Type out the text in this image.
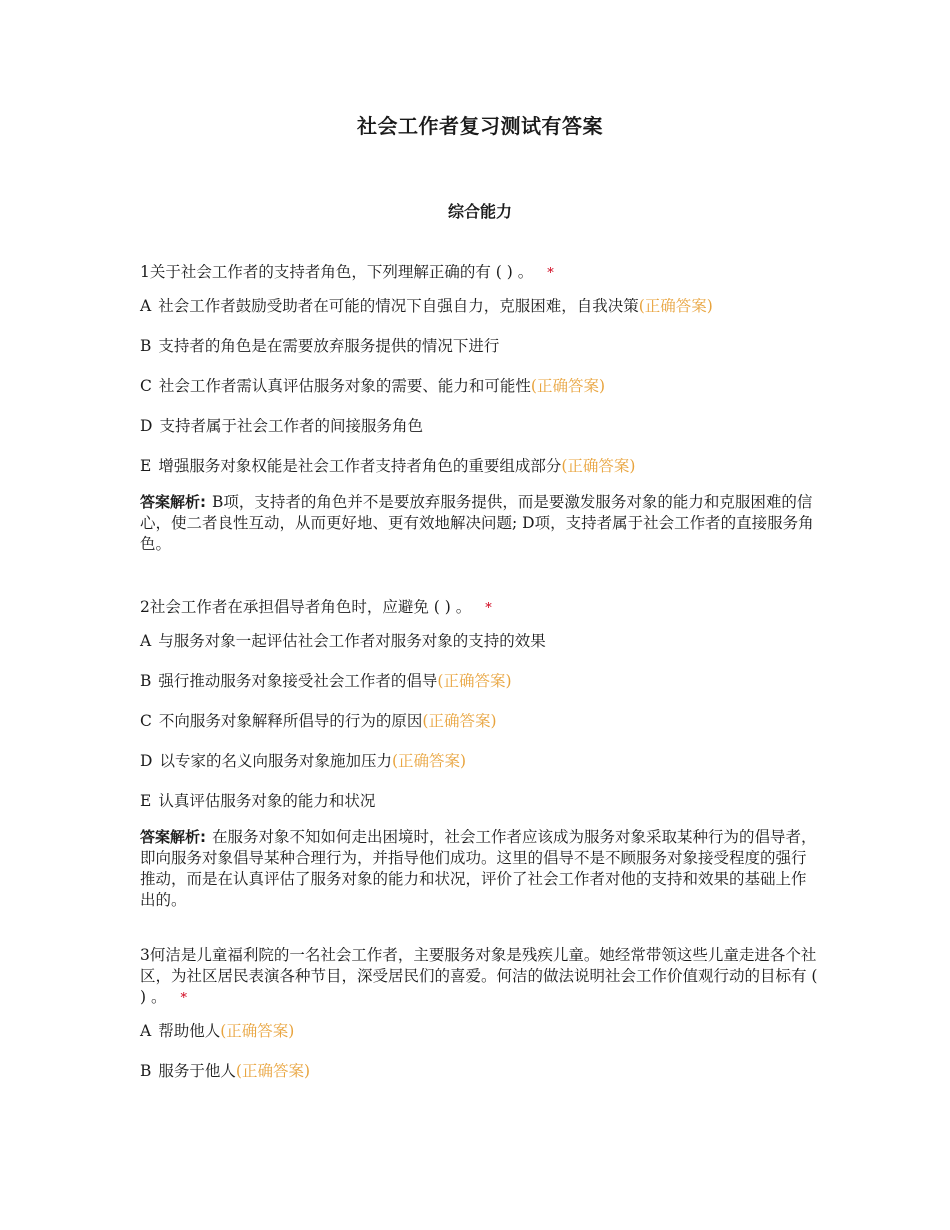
社会工作者复习测试有答案
综合能力

1关于社会工作者的支持者角色，下列理解正确的有 ( ) 。 *

A 社会工作者鼓励受助者在可能的情况下自强自力，克服困难，自我决策(正确答案)

B 支持者的角色是在需要放弃服务提供的情况下进行

C 社会工作者需认真评估服务对象的需要、能力和可能性(正确答案)

D 支持者属于社会工作者的间接服务角色

E 增强服务对象权能是社会工作者支持者角色的重要组成部分(正确答案)

答案解析: B项，支持者的角色并不是要放弃服务提供，而是要激发服务对象的能力和克服困难的信心，使二者良性互动，从而更好地、更有效地解决问题; D项，支持者属于社会工作者的直接服务角色。

2社会工作者在承担倡导者角色时，应避免 ( ) 。 *

A 与服务对象一起评估社会工作者对服务对象的支持的效果

B 强行推动服务对象接受社会工作者的倡导(正确答案)

C 不向服务对象解释所倡导的行为的原因(正确答案)

D 以专家的名义向服务对象施加压力(正确答案)

E 认真评估服务对象的能力和状况

答案解析: 在服务对象不知如何走出困境时，社会工作者应该成为服务对象采取某种行为的倡导者，即向服务对象倡导某种合理行为，并指导他们成功。这里的倡导不是不顾服务对象接受程度的强行推动，而是在认真评估了服务对象的能力和状况，评价了社会工作者对他的支持和效果的基础上作出的。

3何洁是儿童福利院的一名社会工作者，主要服务对象是残疾儿童。她经常带领这些儿童走进各个社区，为社区居民表演各种节目，深受居民们的喜爱。何洁的做法说明社会工作价值观行动的目标有 ( ) 。 *

A 帮助他人(正确答案)

B 服务于他人(正确答案)
